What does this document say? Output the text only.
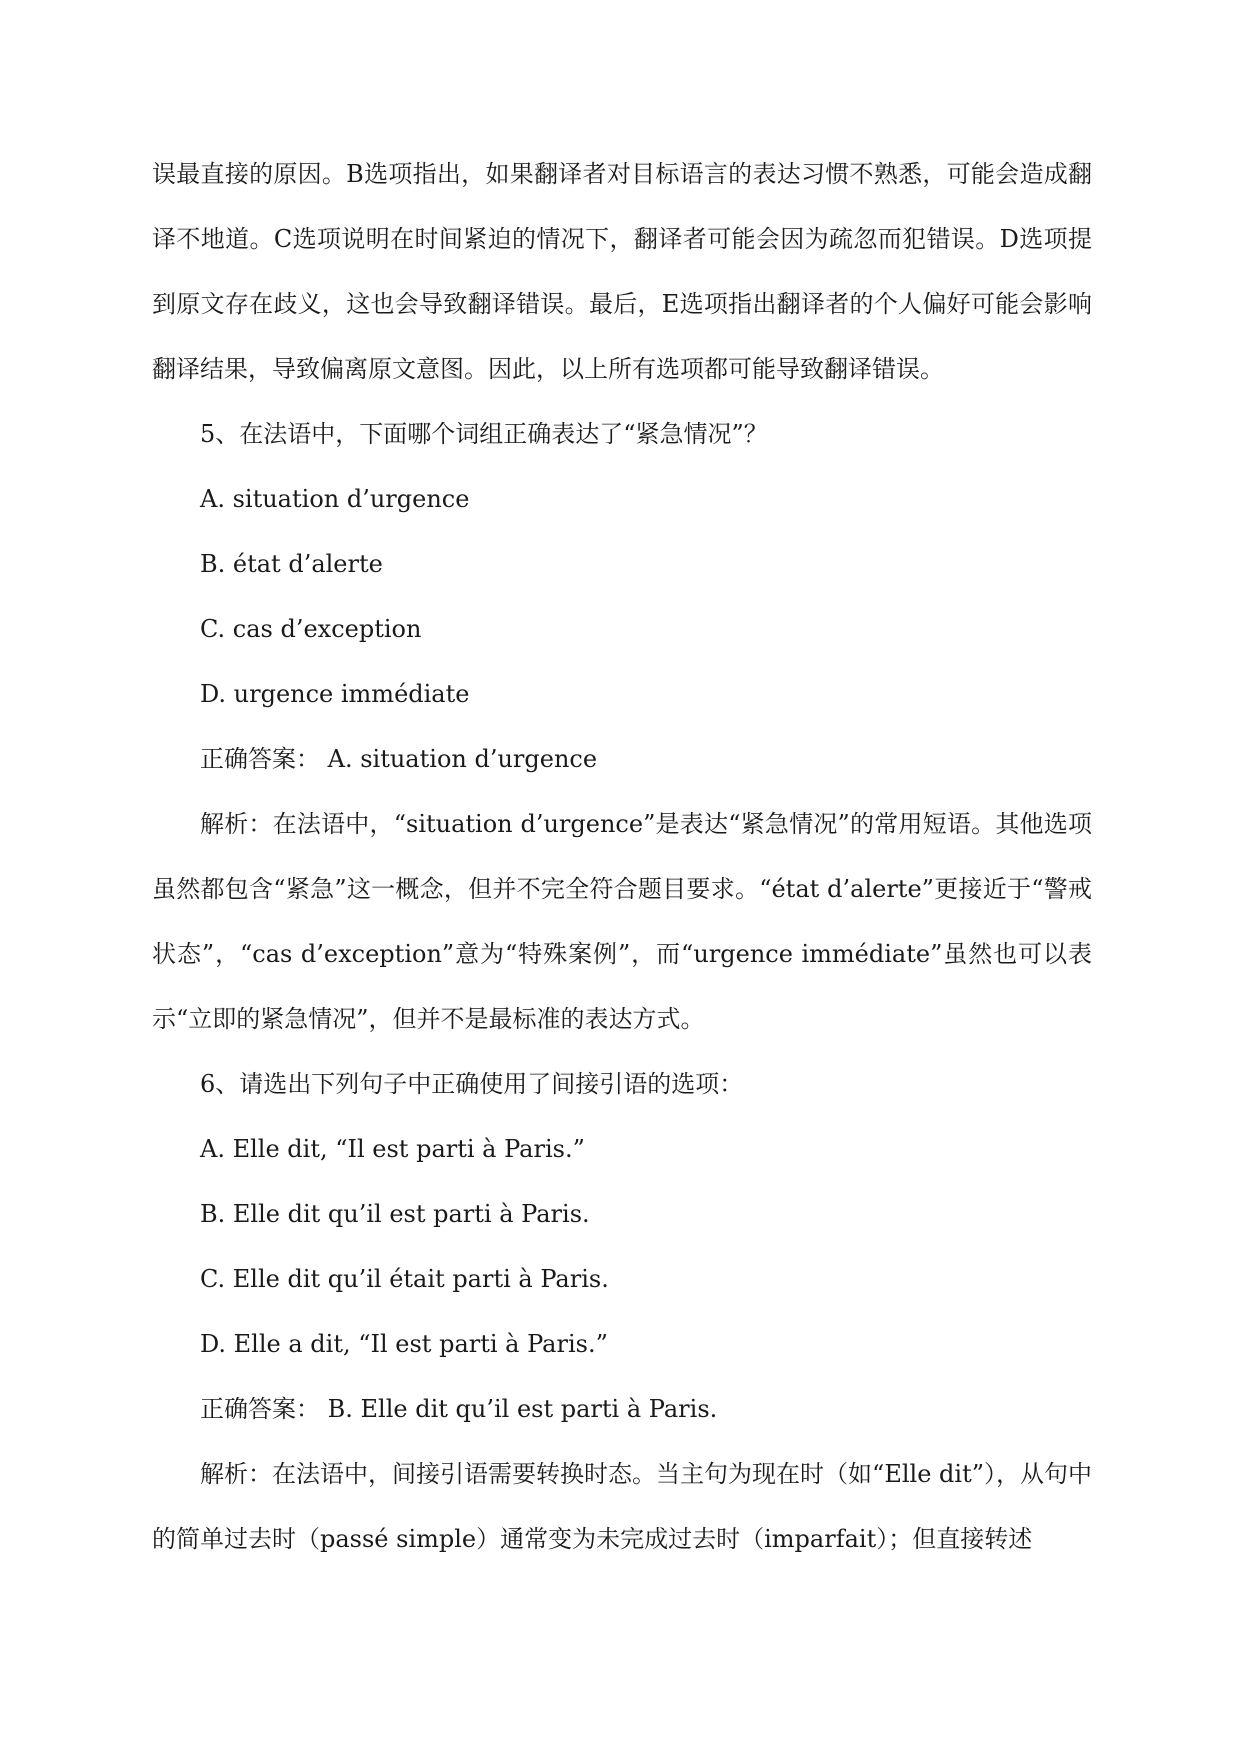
误最直接的原因。B选项指出，如果翻译者对目标语言的表达习惯不熟悉，可能会造成翻译不地道。C选项说明在时间紧迫的情况下，翻译者可能会因为疏忽而犯错误。D选项提到原文存在歧义，这也会导致翻译错误。最后，E选项指出翻译者的个人偏好可能会影响翻译结果，导致偏离原文意图。因此，以上所有选项都可能导致翻译错误。

5、在法语中，下面哪个词组正确表达了“紧急情况”？

A. situation d’urgence

B. état d’alerte

C. cas d’exception

D. urgence immédiate

正确答案： A. situation d’urgence

解析：在法语中，“situation d’urgence”是表达“紧急情况”的常用短语。其他选项虽然都包含“紧急”这一概念，但并不完全符合题目要求。“état d’alerte”更接近于“警戒状态”，“cas d’exception”意为“特殊案例”，而“urgence immédiate”虽然也可以表示“立即的紧急情况”，但并不是最标准的表达方式。

6、请选出下列句子中正确使用了间接引语的选项：

A. Elle dit, “Il est parti à Paris.”

B. Elle dit qu’il est parti à Paris.

C. Elle dit qu’il était parti à Paris.

D. Elle a dit, “Il est parti à Paris.”

正确答案： B. Elle dit qu’il est parti à Paris.

解析：在法语中，间接引语需要转换时态。当主句为现在时（如“Elle dit”），从句中的简单过去时（passé simple）通常变为未完成过去时（imparfait）；但直接转述
